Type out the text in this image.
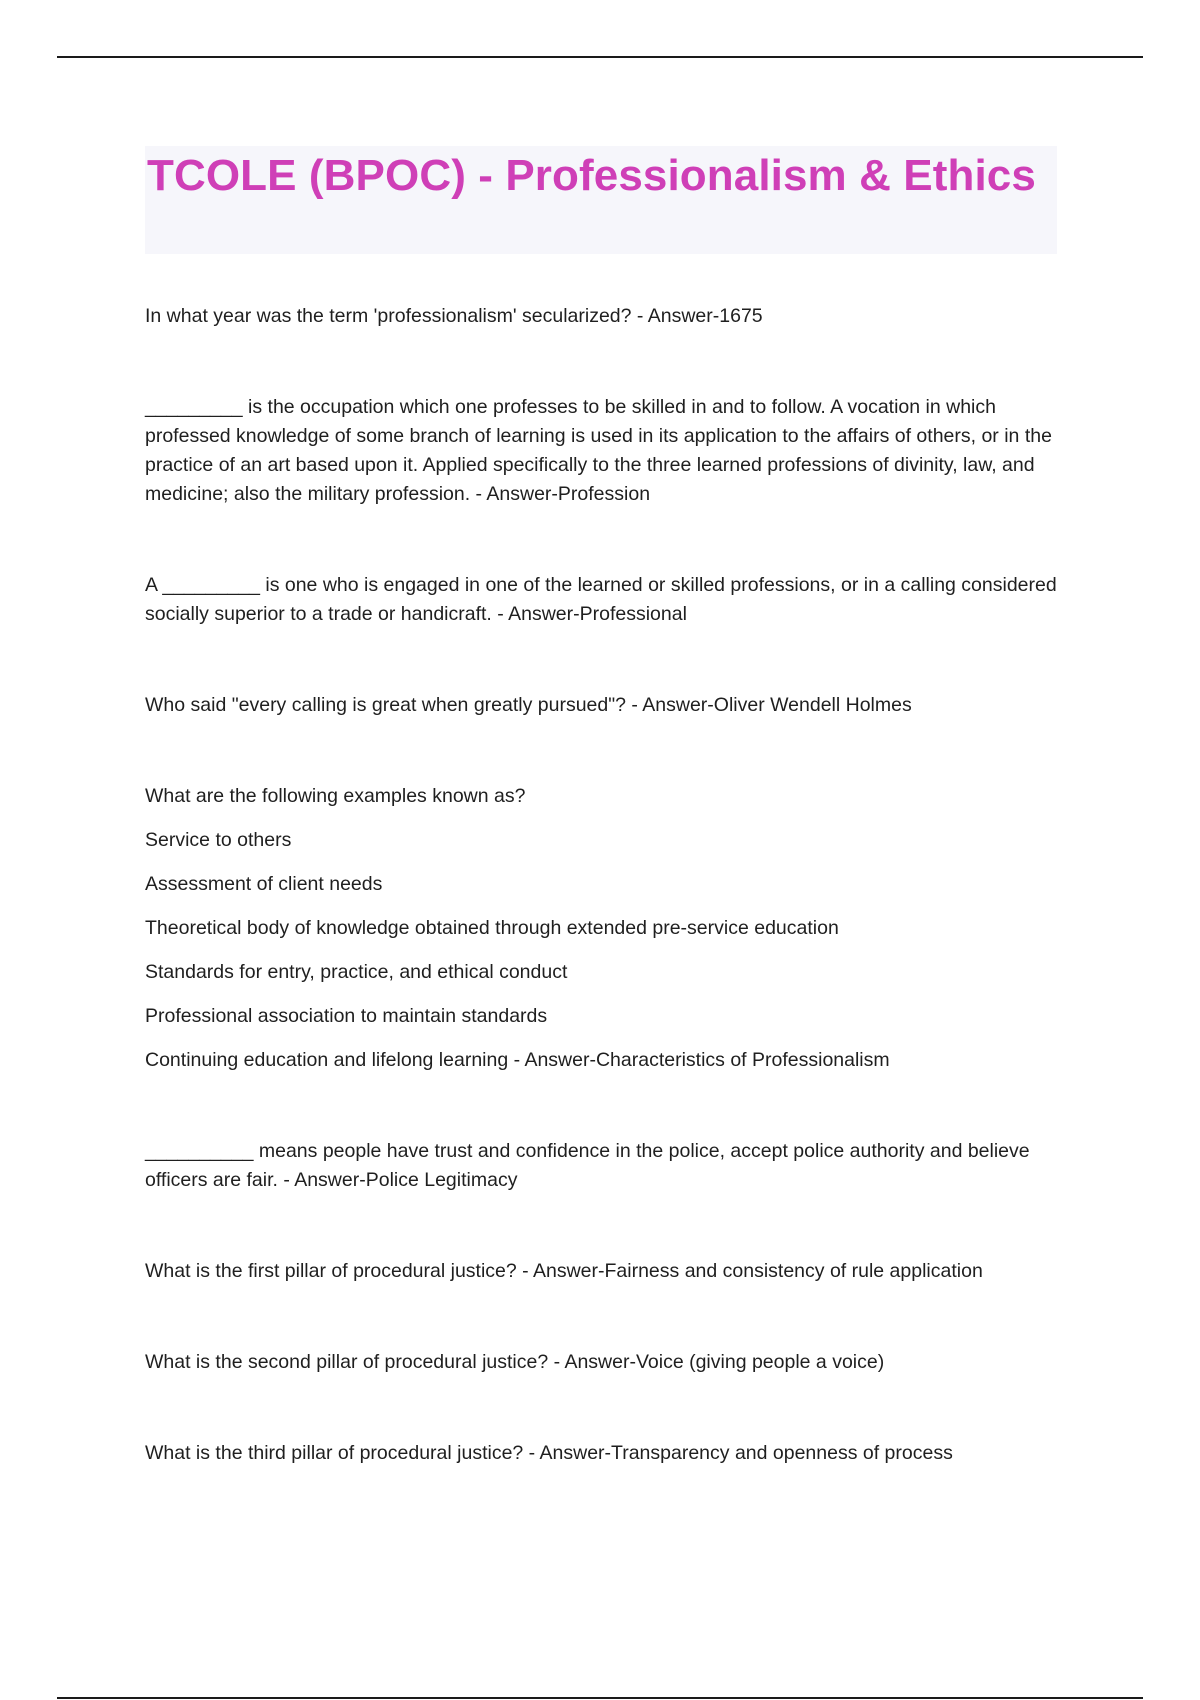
TCOLE (BPOC) - Professionalism & Ethics

In what year was the term 'professionalism' secularized? - Answer-1675

_________ is the occupation which one professes to be skilled in and to follow. A vocation in which professed knowledge of some branch of learning is used in its application to the affairs of others, or in the practice of an art based upon it. Applied specifically to the three learned professions of divinity, law, and medicine; also the military profession. - Answer-Profession

A _________ is one who is engaged in one of the learned or skilled professions, or in a calling considered socially superior to a trade or handicraft. - Answer-Professional

Who said "every calling is great when greatly pursued"? - Answer-Oliver Wendell Holmes

What are the following examples known as?

Service to others

Assessment of client needs

Theoretical body of knowledge obtained through extended pre-service education

Standards for entry, practice, and ethical conduct

Professional association to maintain standards

Continuing education and lifelong learning - Answer-Characteristics of Professionalism

__________ means people have trust and confidence in the police, accept police authority and believe officers are fair. - Answer-Police Legitimacy

What is the first pillar of procedural justice? - Answer-Fairness and consistency of rule application

What is the second pillar of procedural justice? - Answer-Voice (giving people a voice)

What is the third pillar of procedural justice? - Answer-Transparency and openness of process
